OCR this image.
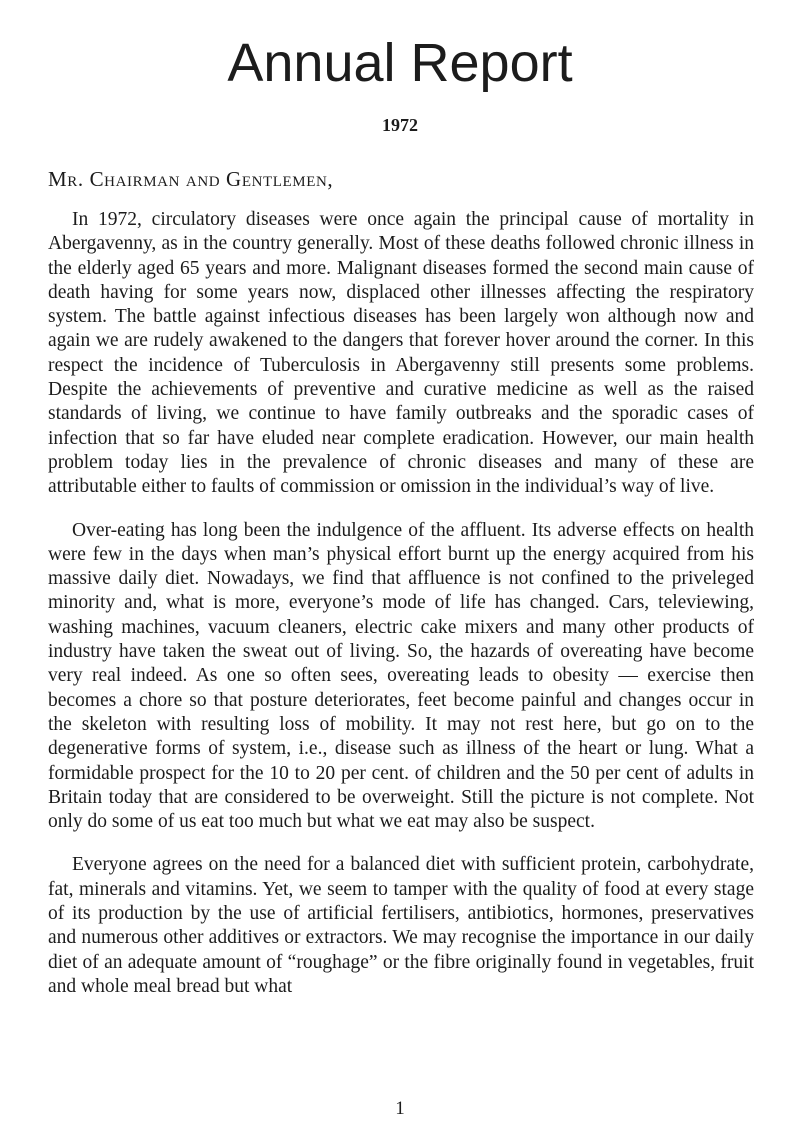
Annual Report
1972
Mr. Chairman and Gentlemen,

In 1972, circulatory diseases were once again the principal cause of mortality in Abergavenny, as in the country generally. Most of these deaths followed chronic illness in the elderly aged 65 years and more. Malignant diseases formed the second main cause of death having for some years now, displaced other illnesses affecting the respiratory system. The battle against infectious diseases has been largely won although now and again we are rudely awakened to the dangers that forever hover around the corner. In this respect the incidence of Tuberculosis in Abergavenny still presents some problems. Despite the achievements of preventive and curative medicine as well as the raised standards of living, we continue to have family outbreaks and the sporadic cases of infection that so far have eluded near complete eradication. However, our main health problem today lies in the prevalence of chronic diseases and many of these are attributable either to faults of commission or omission in the individual’s way of live.

Over-eating has long been the indulgence of the affluent. Its adverse effects on health were few in the days when man’s physical effort burnt up the energy acquired from his massive daily diet. Nowadays, we find that affluence is not confined to the priveleged minority and, what is more, everyone’s mode of life has changed. Cars, televiewing, washing machines, vacuum cleaners, electric cake mixers and many other products of industry have taken the sweat out of living. So, the hazards of overeating have become very real indeed. As one so often sees, overeating leads to obesity — exercise then becomes a chore so that posture deteriorates, feet become painful and changes occur in the skeleton with resulting loss of mobility. It may not rest here, but go on to the degenerative forms of system, i.e., disease such as illness of the heart or lung. What a formidable prospect for the 10 to 20 per cent. of children and the 50 per cent of adults in Britain today that are considered to be overweight. Still the picture is not complete. Not only do some of us eat too much but what we eat may also be suspect.

Everyone agrees on the need for a balanced diet with sufficient protein, carbohydrate, fat, minerals and vitamins. Yet, we seem to tamper with the quality of food at every stage of its production by the use of artificial fertilisers, antibiotics, hormones, preservatives and numerous other additives or extractors. We may recognise the importance in our daily diet of an adequate amount of “roughage” or the fibre originally found in vegetables, fruit and whole meal bread but what

1
